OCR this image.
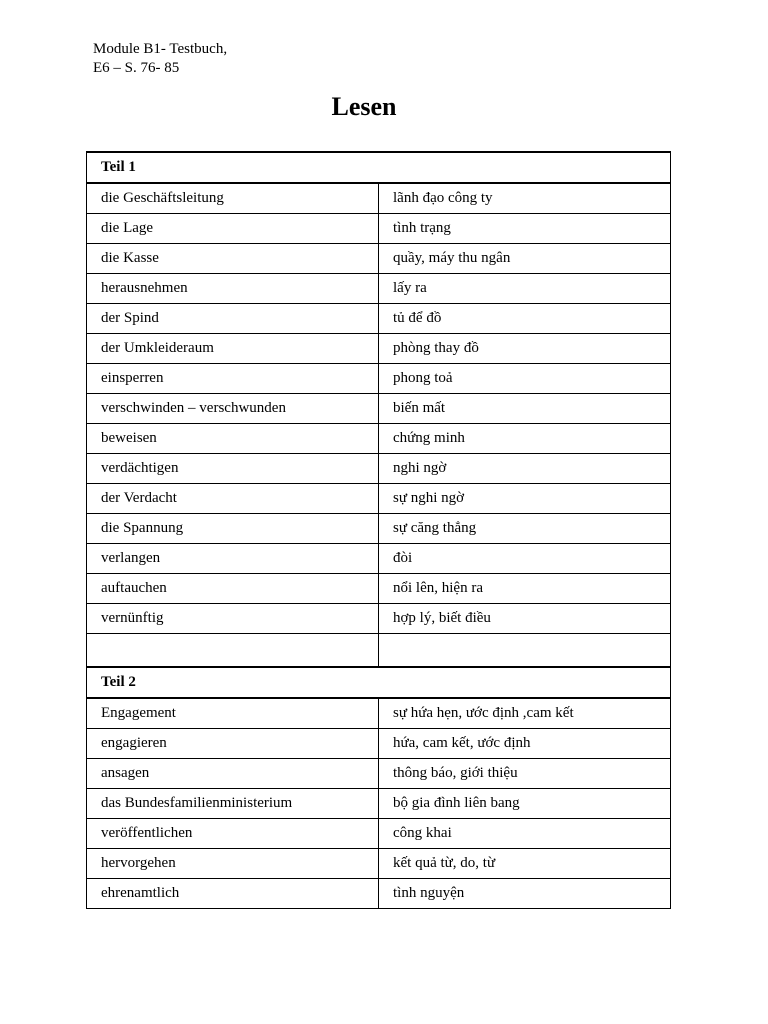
Module B1- Testbuch,
E6 – S. 76- 85
Lesen
Teil 1	
die Geschäftsleitung	lãnh đạo công ty
die Lage	tình trạng
die Kasse	quầy, máy thu ngân
herausnehmen	lấy ra
der Spind	tủ để đồ
der Umkleideraum	phòng thay đồ
einsperren	phong toả
verschwinden – verschwunden	biến mất
beweisen	chứng minh
verdächtigen	nghi ngờ
der Verdacht	sự nghi ngờ
die Spannung	sự căng thẳng
verlangen	đòi
auftauchen	nổi lên, hiện ra
vernünftig	hợp lý, biết điều

Teil 2	
Engagement	sự hứa hẹn, ước định ,cam kết
engagieren	hứa, cam kết, ước định
ansagen	thông báo, giới thiệu
das Bundesfamilienministerium	bộ gia đình liên bang
veröffentlichen	công khai
hervorgehen	kết quả từ, do, từ
ehrenamtlich	tình nguyện
